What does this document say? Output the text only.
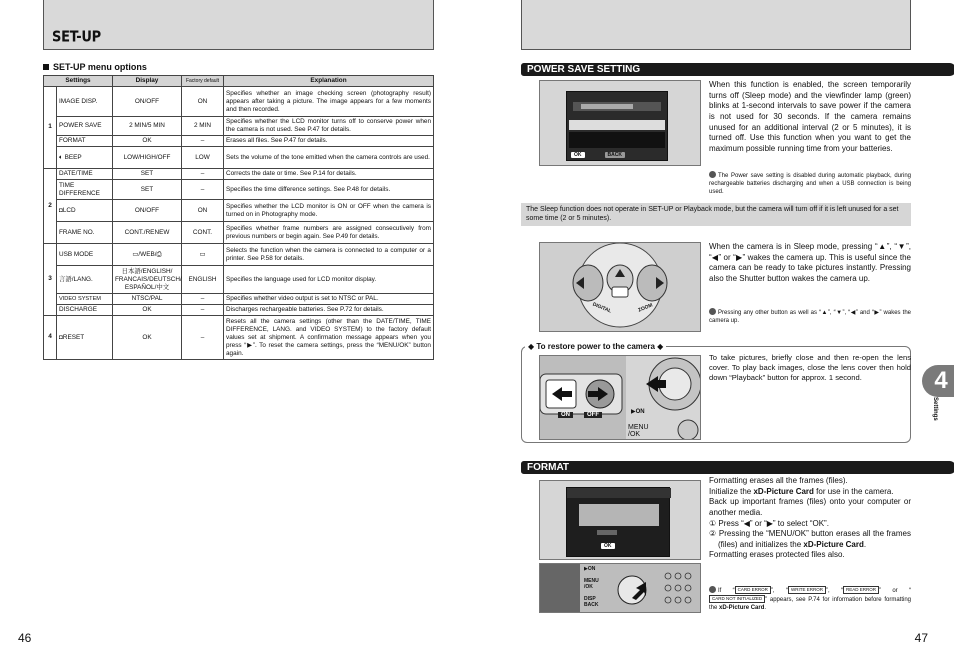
SET-UP
SET-UP menu options
Settings		Display	Factory default	Explanation
1	IMAGE DISP.	ON/OFF	ON	Specifies whether an image checking screen (photography result) appears after taking a picture. The image appears for a few moments and then recorded.
	POWER SAVE	2 MIN/5 MIN	2 MIN	Specifies whether the LCD monitor turns off to conserve power when the camera is not used. See P.47 for details.
	FORMAT	OK	–	Erases all files. See P.47 for details.
	🔈︎ BEEP	LOW/HIGH/OFF	LOW	Sets the volume of the tone emitted when the camera controls are used.
2	DATE/TIME	SET	–	Corrects the date or time. See P.14 for details.
	TIME DIFFERENCE	SET	–	Specifies the time difference settings. See P.48 for details.
	◘LCD	ON/OFF	ON	Specifies whether the LCD monitor is ON or OFF when the camera is turned on in Photography mode.
	FRAME NO.	CONT./RENEW	CONT.	Specifies whether frame numbers are assigned consecutively from previous numbers or begin again. See P.49 for details.
3	USB MODE	▭/WEB/⎙	▭	Selects the function when the camera is connected to a computer or a printer. See P.58 for details.
	言語/LANG.	日本語/ENGLISH/ FRANCAIS/DEUTSCH/ ESPAÑOL/中文	ENGLISH	Specifies the language used for LCD monitor display.
	VIDEO SYSTEM	NTSC/PAL	–	Specifies whether video output is set to NTSC or PAL.
	DISCHARGE	OK	–	Discharges rechargeable batteries. See P.72 for details.
4	◘RESET	OK	–	Resets all the camera settings (other than the DATE/TIME, TIME DIFFERENCE, LANG. and VIDEO SYSTEM) to the factory default values set at shipment. A confirmation message appears when you press “▶”. To reset the camera settings, press the “MENU/OK” button again.
46
POWER SAVE SETTING
OK	BACK
When this function is enabled, the screen temporarily turns off (Sleep mode) and the viewfinder lamp (green) blinks at 1-second intervals to save power if the camera is not used for 30 seconds. If the camera remains unused for an additional interval (2 or 5 minutes), it is turned off. Use this function when you want to get the maximum possible running time from your batteries.
The Power save setting is disabled during automatic playback, during rechargeable batteries discharging and when a USB connection is being used.
The Sleep function does not operate in SET-UP or Playback mode, but the camera will turn off if it is left unused for a set some time (2 or 5 minutes).
DIGITAL	ZOOM
When the camera is in Sleep mode, pressing “▲”, “▼”, “◀” or “▶” wakes the camera up. This is useful since the camera can be ready to take pictures instantly. Pressing also the Shutter button wakes the camera up.
Pressing any other button as well as “▲”, “▼”, “◀” and “▶” wakes the camera up.
◆ To restore power to the camera ◆
ON	OFF	▶ON
MENU
/OK
To take pictures, briefly close and then re-open the lens cover. To play back images, close the lens cover then hold down “Playback” button for approx. 1 second.
FORMAT
OK
▶ON

MENU
/OK

DISP
BACK
Formatting erases all the frames (files).
Initialize the xD-Picture Card for use in the camera.
Back up important frames (files) onto your computer or another media.
① Press “◀” or “▶” to select “OK”.
② Pressing the “MENU/OK” button erases all the frames (files) and initializes the xD-Picture Card.
Formatting erases protected files also.
If “ CARD ERROR ”, “ WRITE ERROR ”, “ READ ERROR ” or “CARD NOT INITIALIZED ” appears, see P.74 for information before formatting the xD-Picture Card.
47
4
Settings
